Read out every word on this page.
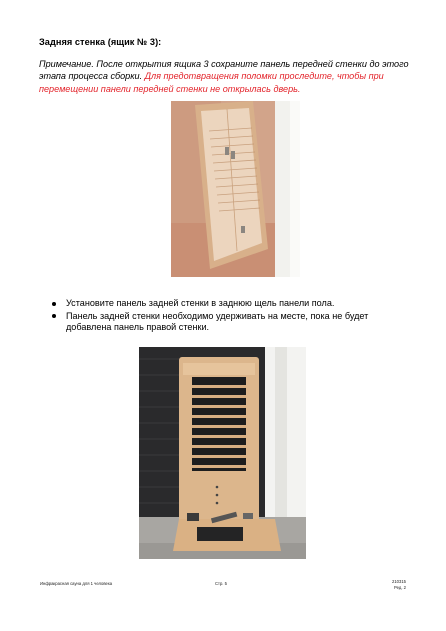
Задняя стенка (ящик № 3):
Примечание. После открытия ящика 3 сохраните панель передней стенки до этого этапа процесса сборки. Для предотвращения поломки проследите, чтобы при перемещении панели передней стенки не открылась дверь.
Установите панель задней стенки в заднюю щель панели пола.
Панель задней стенки необходимо удерживать на месте, пока не будет добавлена панель правой стенки.
Инфракрасная сауна для 1 человека	Стр. 5	210315
Ред. 2
